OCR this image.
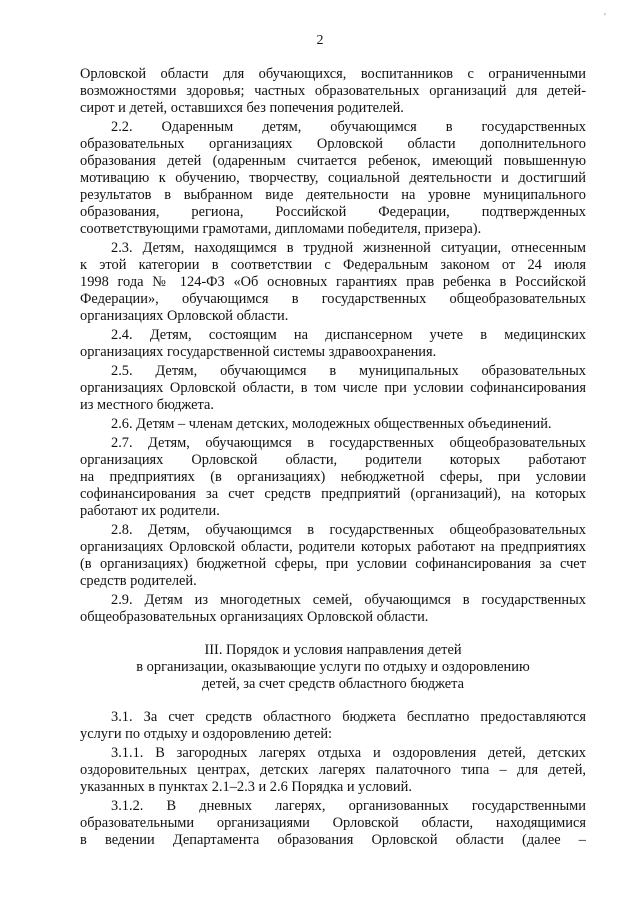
ʹ
2
Орловской области для обучающихся, воспитанников с ограниченными
возможностями здоровья; частных образовательных организаций для детей-
сирот и детей, оставшихся без попечения родителей.
2.2. Одаренным детям, обучающимся в государственных
образовательных организациях Орловской области дополнительного
образования детей (одаренным считается ребенок, имеющий повышенную
мотивацию к обучению, творчеству, социальной деятельности и достигший
результатов в выбранном виде деятельности на уровне муниципального
образования, региона, Российской Федерации, подтвержденных
соответствующими грамотами, дипломами победителя, призера).
2.3. Детям, находящимся в трудной жизненной ситуации, отнесенным
к этой категории в соответствии с Федеральным законом от 24 июля
1998 года № 124-ФЗ «Об основных гарантиях прав ребенка в Российской
Федерации», обучающимся в государственных общеобразовательных
организациях Орловской области.
2.4. Детям, состоящим на диспансерном учете в медицинских
организациях государственной системы здравоохранения.
2.5. Детям, обучающимся в муниципальных образовательных
организациях Орловской области, в том числе при условии софинансирования
из местного бюджета.
2.6. Детям – членам детских, молодежных общественных объединений.
2.7. Детям, обучающимся в государственных общеобразовательных
организациях Орловской области, родители которых работают
на предприятиях (в организациях) небюджетной сферы, при условии
софинансирования за счет средств предприятий (организаций), на которых
работают их родители.
2.8. Детям, обучающимся в государственных общеобразовательных
организациях Орловской области, родители которых работают на предприятиях
(в организациях) бюджетной сферы, при условии софинансирования за счет
средств родителей.
2.9. Детям из многодетных семей, обучающимся в государственных
общеобразовательных организациях Орловской области.
III. Порядок и условия направления детей
в организации, оказывающие услуги по отдыху и оздоровлению
детей, за счет средств областного бюджета
3.1. За счет средств областного бюджета бесплатно предоставляются
услуги по отдыху и оздоровлению детей:
3.1.1. В загородных лагерях отдыха и оздоровления детей, детских
оздоровительных центрах, детских лагерях палаточного типа – для детей,
указанных в пунктах 2.1–2.3 и 2.6 Порядка и условий.
3.1.2. В дневных лагерях, организованных государственными
образовательными организациями Орловской области, находящимися
в ведении Департамента образования Орловской области (далее –
